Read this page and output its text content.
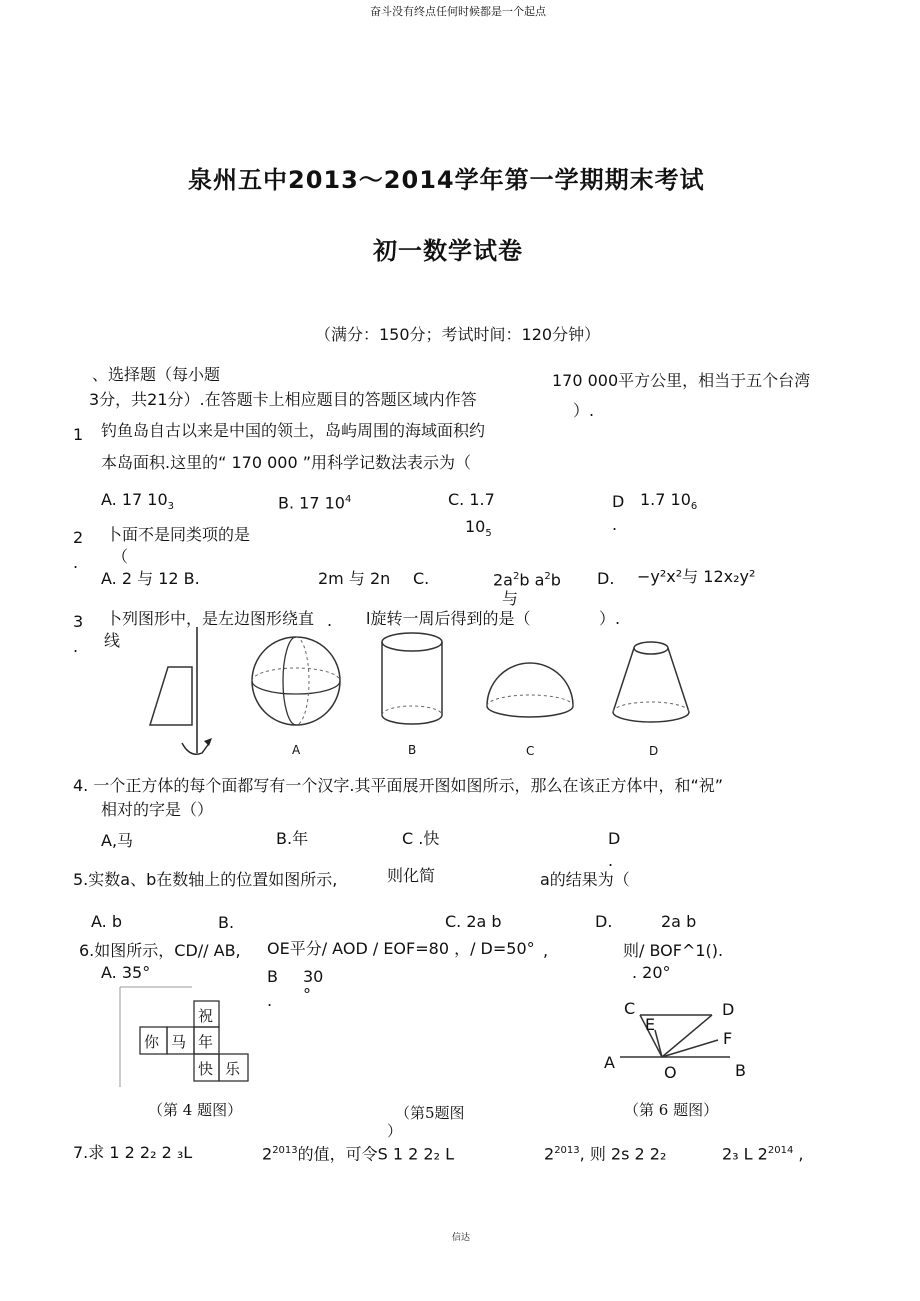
奋斗没有终点任何时候都是一个起点
泉州五中2013～2014学年第一学期期末考试
初一数学试卷
（满分：150分；考试时间：120分钟）
、选择题（每小题
3分，共21分）.在答题卡上相应题目的答题区域内作答
170 000平方公里，相当于五个台湾
）.
1 钓鱼岛自古以来是中国的领土，岛屿周围的海域面积约
本岛面积.这里的“ 170 000 ”用科学记数法表示为（
A. 17 $10_3$	B. 17 $10^4$	C. 1.7
$10_5$
D 1.7 $10_6$
.
2
.
卜面不是同类项的是
（
A. 2 与 12 B.	2m 与 2n C.	$2a^2b$ $a^2b$
与
D. −y²x²与 12x₂y²
3
.
卜列图形中，是左边图形绕直 . l旋转一周后得到的是（	）.
线
A	B	C	D
4. 一个正方体的每个面都写有一个汉字.其平面展开图如图所示，那么在该正方体中，和“祝”
相对的字是（）
A,马	B.年	C .快	D
.
5.实数a、b在数轴上的位置如图所示,	则化简	a的结果为（
A. b	B.	C. 2a b	D.	2a b
6.如图所示，CD// AB, OE平分/ AOD / EOF=80 ，/ D=50° ,	则/ BOF^1().
A. 35°	B 30
°
.
. 20°
祝
你 马 年
快 乐
C	D
E
F
A
O	B
（第 4 题图）	（第5题图
）
（第 6 题图）
7.求 1 2 2₂ 2 ₃L	$2^{2013}$的值，可令S 1 2 2₂ L	$2^{2013}$, 则 2s 2 2₂	2₃ L $2^{2014}$ ,
信达
